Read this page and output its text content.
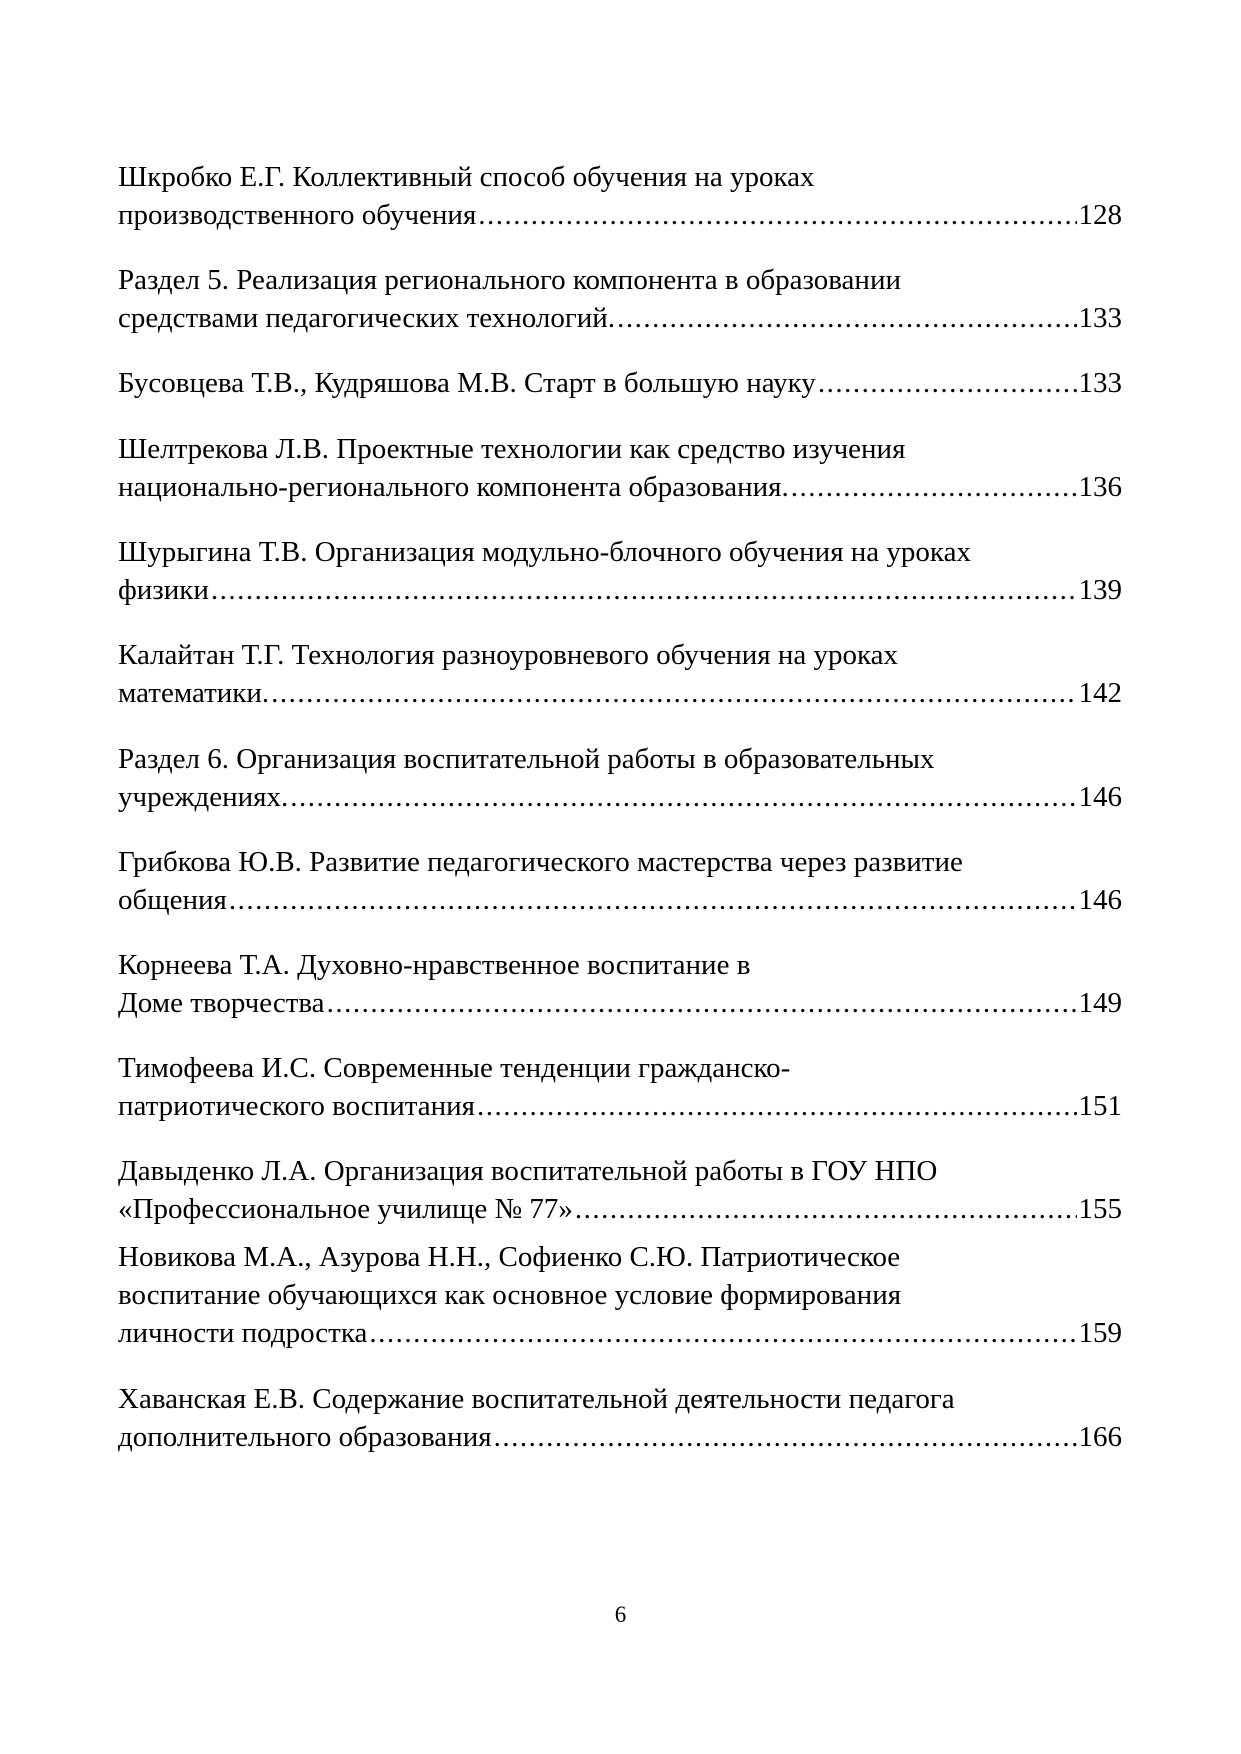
Шкробко Е.Г. Коллективный способ обучения на уроках
производственного обучения .....	128
Раздел 5. Реализация регионального компонента в образовании
средствами педагогических технологий. .....	133
Бусовцева Т.В., Кудряшова М.В. Старт в большую науку .....	133
Шелтрекова Л.В. Проектные технологии как средство изучения
национально-регионального компонента образования. .....	136
Шурыгина Т.В. Организация модульно-блочного обучения на уроках
физики .....	139
Калайтан Т.Г. Технология разноуровневого обучения на уроках
математики. .....	142
Раздел 6. Организация воспитательной работы в образовательных
учреждениях. .....	146
Грибкова Ю.В. Развитие педагогического мастерства через развитие
общения .....	146
Корнеева Т.А. Духовно-нравственное воспитание в
Доме творчества .....	149
Тимофеева И.С. Современные тенденции гражданско-
патриотического воспитания .....	151
Давыденко Л.А. Организация воспитательной работы в ГОУ НПО
«Профессиональное училище № 77» .....	155
Новикова М.А., Азурова Н.Н., Софиенко С.Ю. Патриотическое
воспитание обучающихся как основное условие формирования
личности подростка .....	159
Хаванская Е.В. Содержание воспитательной деятельности педагога
дополнительного образования .....	166
6
